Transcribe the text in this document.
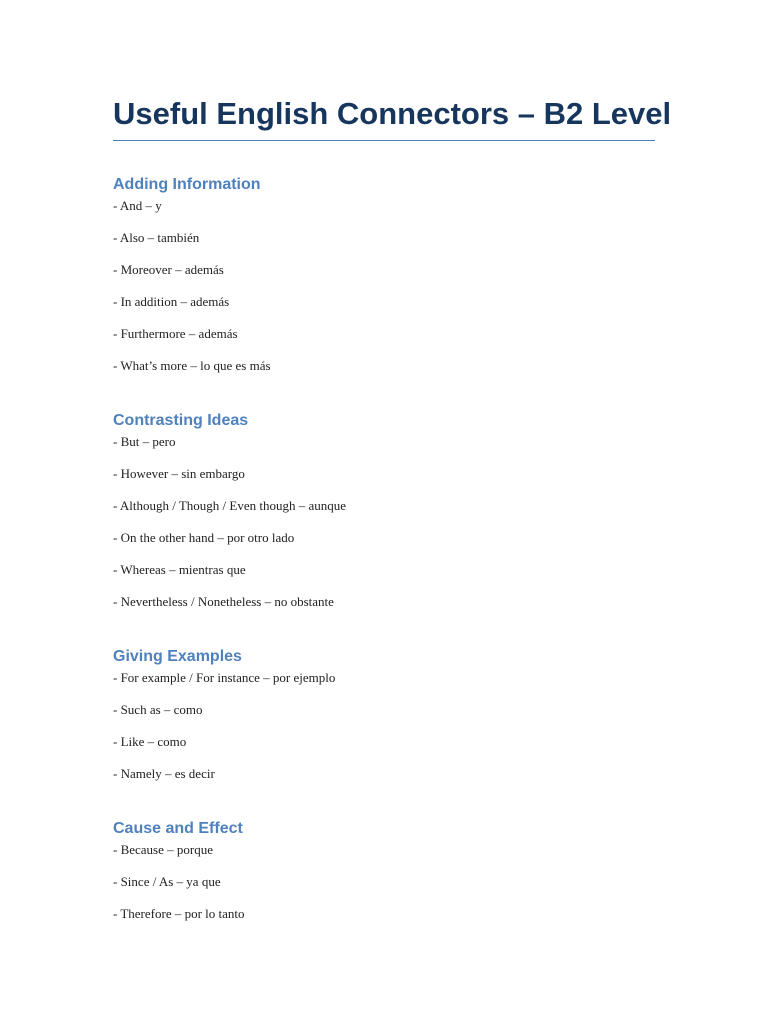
Useful English Connectors – B2 Level
Adding Information
- And – y
- Also – también
- Moreover – además
- In addition – además
- Furthermore – además
- What’s more – lo que es más
Contrasting Ideas
- But – pero
- However – sin embargo
- Although / Though / Even though – aunque
- On the other hand – por otro lado
- Whereas – mientras que
- Nevertheless / Nonetheless – no obstante
Giving Examples
- For example / For instance – por ejemplo
- Such as – como
- Like – como
- Namely – es decir
Cause and Effect
- Because – porque
- Since / As – ya que
- Therefore – por lo tanto
